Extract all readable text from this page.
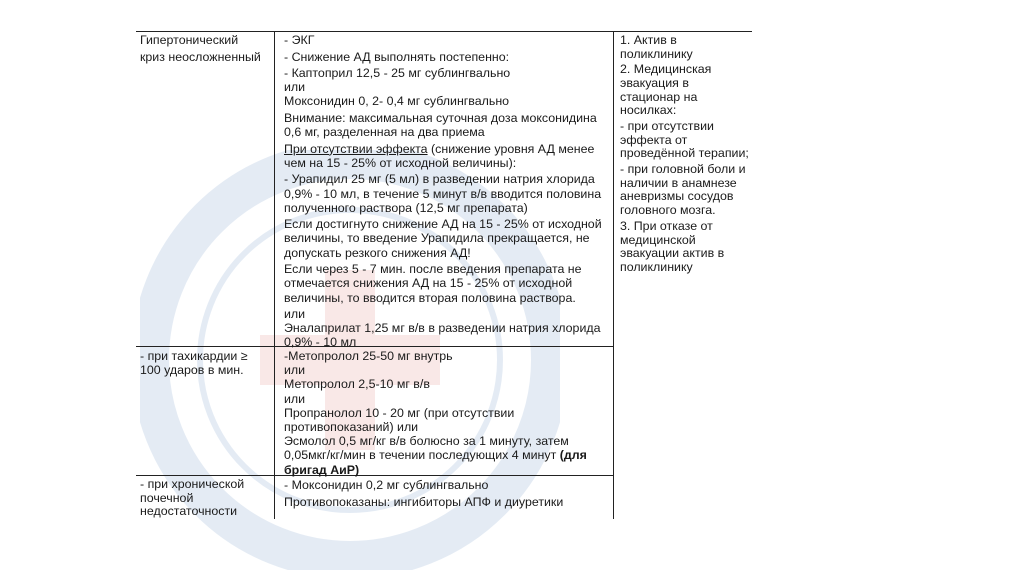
Гипертонический
криз неосложненный

- ЭКГ

- Снижение АД выполнять постепенно:

- Каптоприл 12,5 - 25 мг сублингвально

или

Моксонидин 0, 2- 0,4 мг сублингвально

Внимание: максимальная суточная доза моксонидина

0,6 мг, разделенная на два приема

При отсутствии эффекта (снижение уровня АД менее

чем на 15 - 25% от исходной величины):

- Урапидил 25 мг (5 мл) в разведении натрия хлорида
0,9% - 10 мл, в течение 5 минут в/в вводится половина

полученного раствора (12,5 мг препарата)

Если достигнуто снижение АД на 15 - 25% от исходной
величины, то введение Урапидила прекращается, не

допускать резкого снижения АД!

Если через 5 - 7 мин. после введения препарата не
отмечается снижения АД на 15 - 25% от исходной

величины, то вводится вторая половина раствора.

или
Эналаприлат 1,25 мг в/в в разведении натрия хлорида
0,9% - 10 мл
1. Актив в

поликлинику

2. Медицинская
эвакуация в
стационар на

носилках:

- при отсутствии
эффекта от

проведённой терапии;

- при головной боли и
наличии в анамнезе
аневризмы сосудов

головного мозга.

3. При отказе от
медицинской
эвакуации актив в
поликлинику
- при тахикардии ≥
100 ударов в мин.
-Метопролол 25-50 мг внутрь
или
Метопролол 2,5-10 мг в/в
или
Пропранолол 10 - 20 мг (при отсутствии
противопоказаний) или
Эсмолол 0,5 мг/кг в/в болюсно за 1 минуту, затем
0,05мкг/кг/мин в течении последующих 4 минут (для
бригад АиР)
- при хронической
почечной
недостаточности

- Моксонидин 0,2 мг сублингвально

Противопоказаны: ингибиторы АПФ и диуретики
